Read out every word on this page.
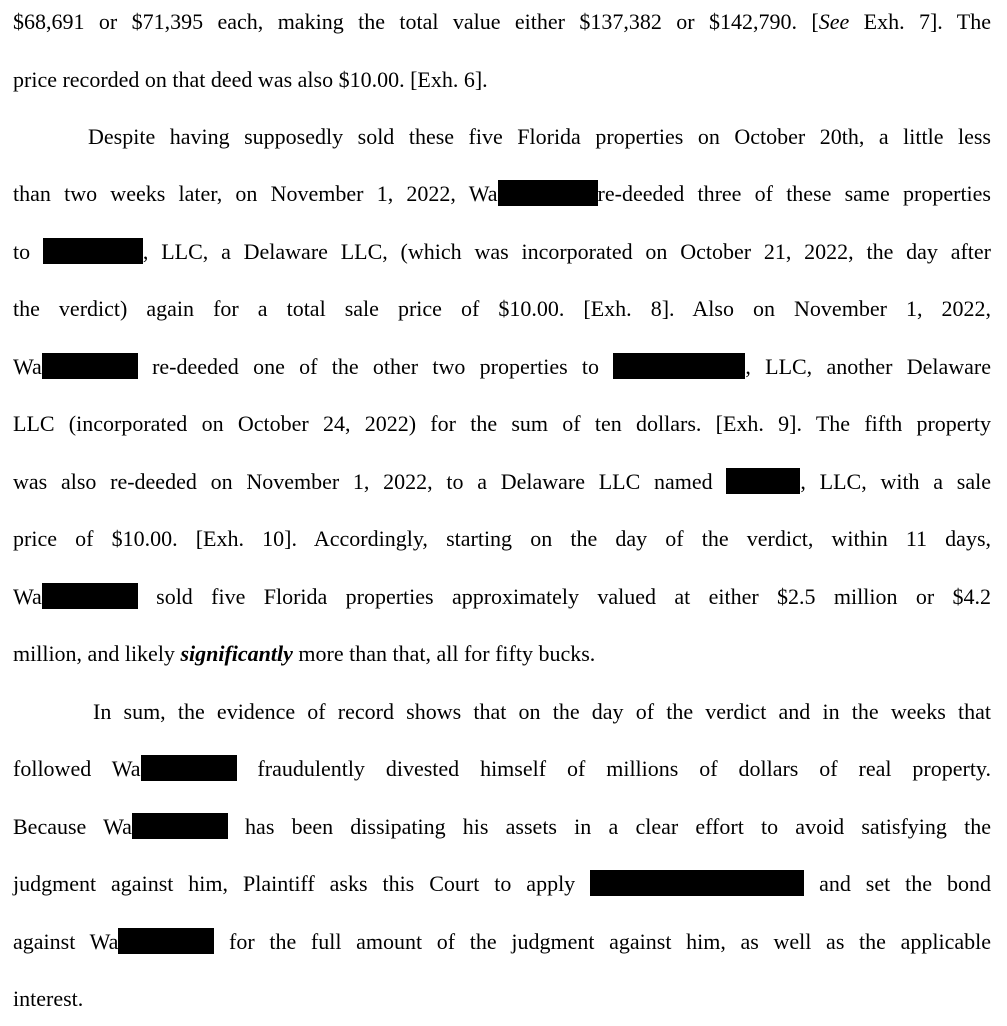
$68,691 or $71,395 each, making the total value either $137,382 or $142,790. [See Exh. 7]. The
price recorded on that deed was also $10.00. [Exh. 6].
Despite having supposedly sold these five Florida properties on October 20th, a little less
than two weeks later, on November 1, 2022, Wa	re-deeded three of these same properties
to	, LLC, a Delaware LLC, (which was incorporated on October 21, 2022, the day after
the verdict) again for a total sale price of $10.00. [Exh. 8]. Also on November 1, 2022,
Wa	re-deeded one of the other two properties to	, LLC, another Delaware
LLC (incorporated on October 24, 2022) for the sum of ten dollars. [Exh. 9]. The fifth property
was also re-deeded on November 1, 2022, to a Delaware LLC named	, LLC, with a sale
price of $10.00. [Exh. 10]. Accordingly, starting on the day of the verdict, within 11 days,
Wa	sold five Florida properties approximately valued at either $2.5 million or $4.2
million, and likely significantly more than that, all for fifty bucks.
In sum, the evidence of record shows that on the day of the verdict and in the weeks that
followed Wa	fraudulently divested himself of millions of dollars of real property.
Because Wa	has been dissipating his assets in a clear effort to avoid satisfying the
judgment against him, Plaintiff asks this Court to apply	and set the bond
against Wa	for the full amount of the judgment against him, as well as the applicable
interest.
